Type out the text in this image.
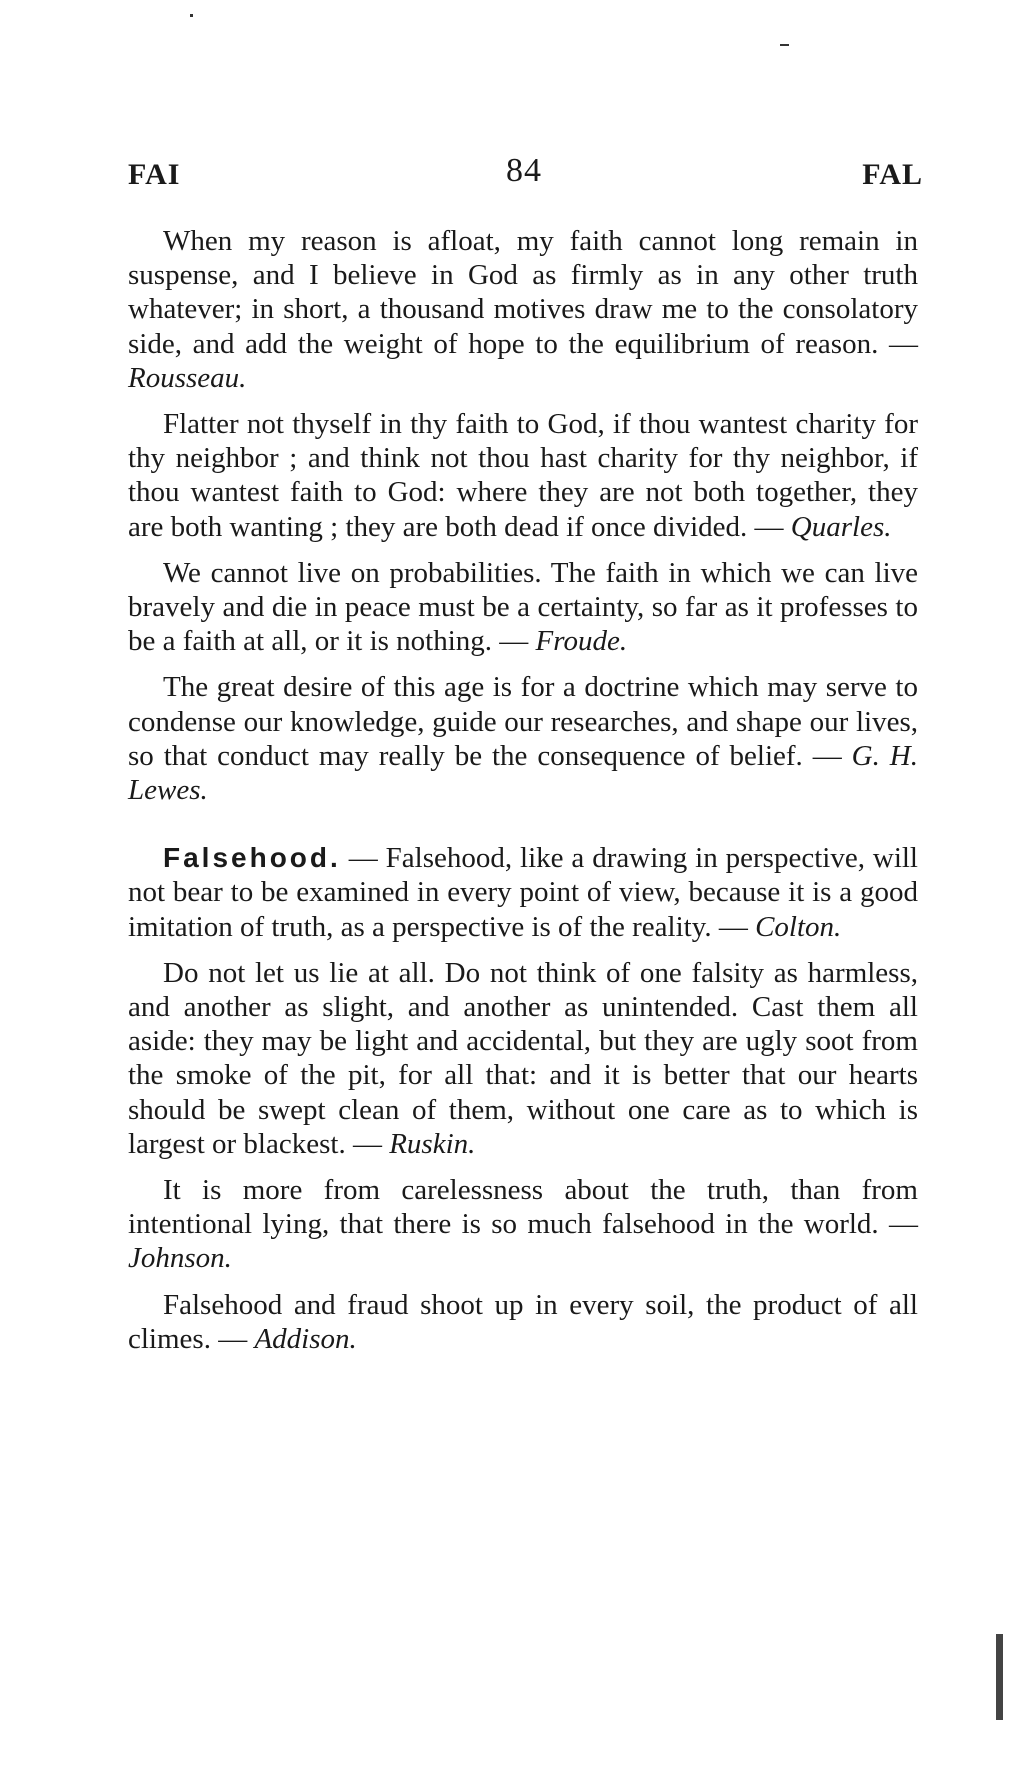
FAI	84	FAL

When my reason is afloat, my faith cannot long remain in suspense, and I believe in God as firmly as in any other truth whatever; in short, a thousand motives draw me to the consolatory side, and add the weight of hope to the equilibrium of reason. — Rousseau.

Flatter not thyself in thy faith to God, if thou wantest charity for thy neighbor ; and think not thou hast charity for thy neighbor, if thou wantest faith to God: where they are not both together, they are both wanting ; they are both dead if once divided. — Quarles.

We cannot live on probabilities. The faith in which we can live bravely and die in peace must be a certainty, so far as it professes to be a faith at all, or it is nothing. — Froude.

The great desire of this age is for a doctrine which may serve to condense our knowledge, guide our researches, and shape our lives, so that conduct may really be the consequence of belief. — G. H. Lewes.

Falsehood. — Falsehood, like a drawing in perspective, will not bear to be examined in every point of view, because it is a good imitation of truth, as a perspective is of the reality. — Colton.

Do not let us lie at all. Do not think of one falsity as harmless, and another as slight, and another as unintended. Cast them all aside: they may be light and accidental, but they are ugly soot from the smoke of the pit, for all that: and it is better that our hearts should be swept clean of them, without one care as to which is largest or blackest. — Ruskin.

It is more from carelessness about the truth, than from intentional lying, that there is so much falsehood in the world. — Johnson.

Falsehood and fraud shoot up in every soil, the product of all climes. — Addison.
